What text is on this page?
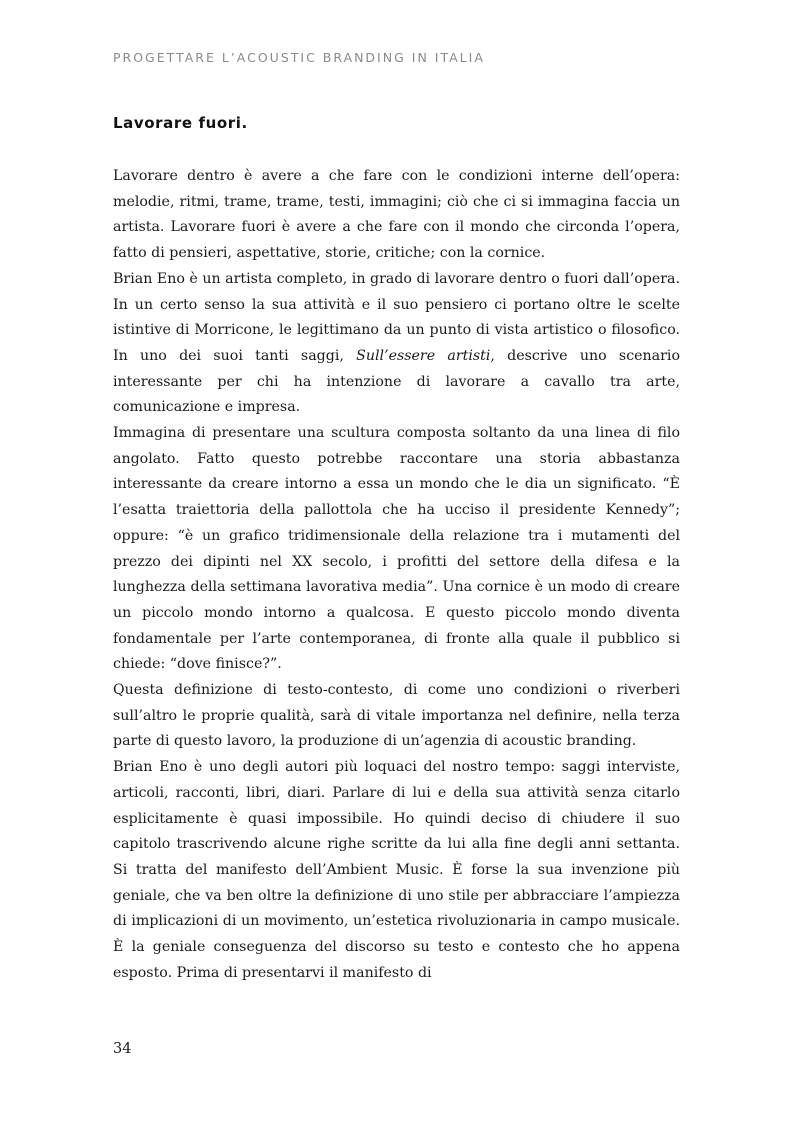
PROGETTARE L’ACOUSTIC BRANDING IN ITALIA
Lavorare fuori.

Lavorare dentro è avere a che fare con le condizioni interne dell’opera: melodie, ritmi, trame, trame, testi, immagini; ciò che ci si immagina faccia un artista. Lavorare fuori è avere a che fare con il mondo che circonda l’opera, fatto di pensieri, aspettative, storie, critiche; con la cornice.

Brian Eno è un artista completo, in grado di lavorare dentro o fuori dall’opera. In un certo senso la sua attività e il suo pensiero ci portano oltre le scelte istintive di Morricone, le legittimano da un punto di vista artistico o filosofico. In uno dei suoi tanti saggi, Sull’essere artisti, descrive uno scenario interessante per chi ha intenzione di lavorare a cavallo tra arte, comunicazione e impresa.

Immagina di presentare una scultura composta soltanto da una linea di filo angolato. Fatto questo potrebbe raccontare una storia abbastanza interessante da creare intorno a essa un mondo che le dia un significato. “È l’esatta traiettoria della pallottola che ha ucciso il presidente Kennedy”; oppure: “è un grafico tridimensionale della relazione tra i mutamenti del prezzo dei dipinti nel XX secolo, i profitti del settore della difesa e la lunghezza della settimana lavorativa media”. Una cornice è un modo di creare un piccolo mondo intorno a qualcosa. E questo piccolo mondo diventa fondamentale per l’arte contemporanea, di fronte alla quale il pubblico si chiede: “dove finisce?”.

Questa definizione di testo-contesto, di come uno condizioni o riverberi sull’altro le proprie qualità, sarà di vitale importanza nel definire, nella terza parte di questo lavoro, la produzione di un’agenzia di acoustic branding.

Brian Eno è uno degli autori più loquaci del nostro tempo: saggi interviste, articoli, racconti, libri, diari. Parlare di lui e della sua attività senza citarlo esplicitamente è quasi impossibile. Ho quindi deciso di chiudere il suo capitolo trascrivendo alcune righe scritte da lui alla fine degli anni settanta. Si tratta del manifesto dell’Ambient Music. È forse la sua invenzione più geniale, che va ben oltre la definizione di uno stile per abbracciare l’ampiezza di implicazioni di un movimento, un’estetica rivoluzionaria in campo musicale. È la geniale conseguenza del discorso su testo e contesto che ho appena esposto. Prima di presentarvi il manifesto di

34
